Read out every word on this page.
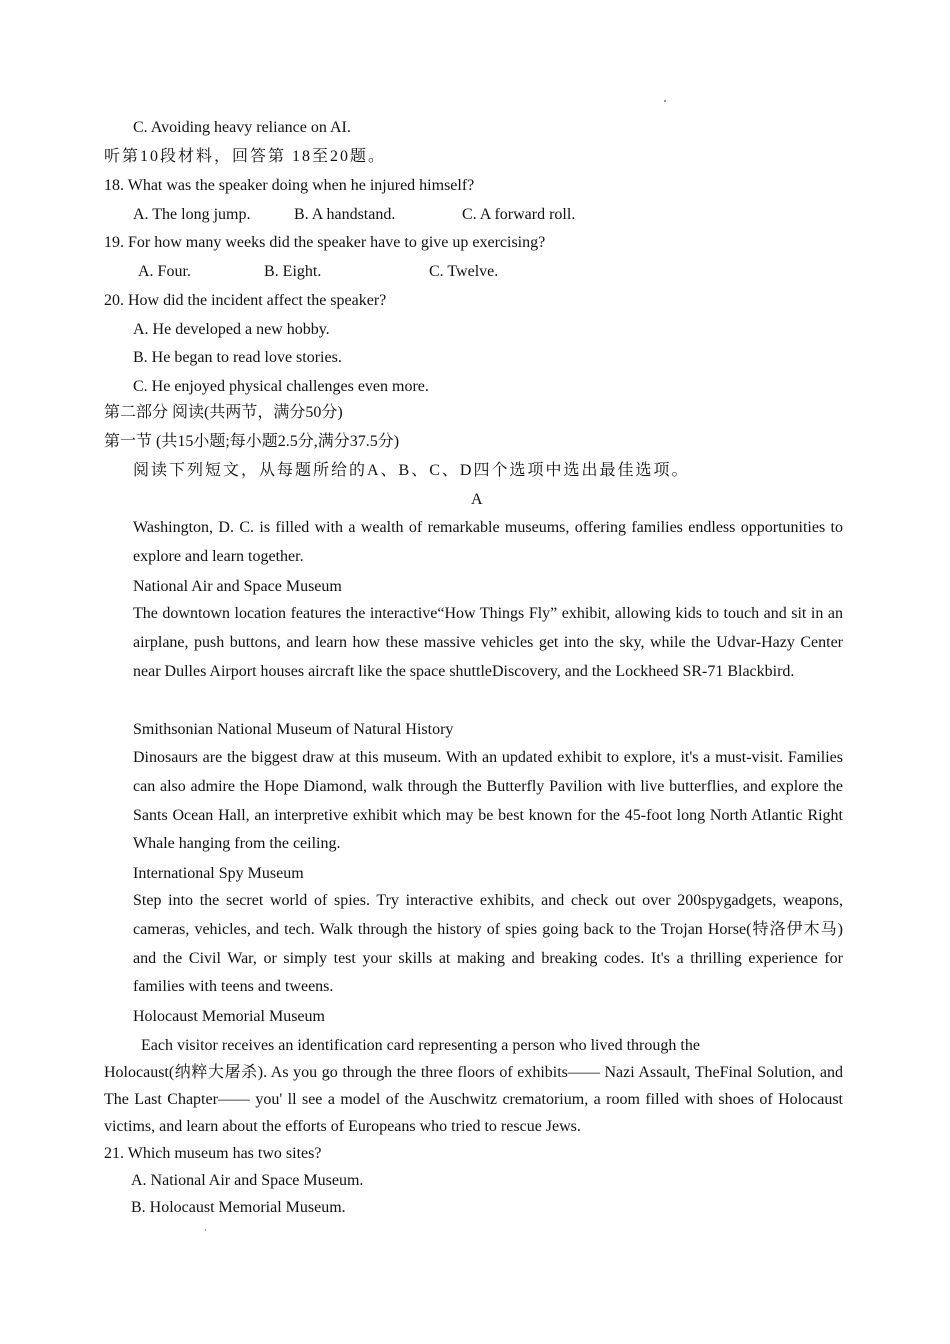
C. Avoiding heavy reliance on AI.
听第10段材料，回答第 18至20题。
18. What was the speaker doing when he injured himself?
A. The long jump.	B. A handstand.	C. A forward roll.
19. For how many weeks did the speaker have to give up exercising?
A. Four.	B. Eight.	C. Twelve.
20. How did the incident affect the speaker?
A. He developed a new hobby.
B. He began to read love stories.
C. He enjoyed physical challenges even more.
第二部分 阅读(共两节，满分50分)
第一节 (共15小题;每小题2.5分,满分37.5分)
阅读下列短文，从每题所给的A、B、C、D四个选项中选出最佳选项。
A
Washington, D. C. is filled with a wealth of remarkable museums, offering families endless opportunities to explore and learn together.
National Air and Space Museum
The downtown location features the interactive“How Things Fly” exhibit, allowing kids to touch and sit in an airplane, push buttons, and learn how these massive vehicles get into the sky, while the Udvar-Hazy Center near Dulles Airport houses aircraft like the space shuttleDiscovery, and the Lockheed SR-71 Blackbird.
Smithsonian National Museum of Natural History
Dinosaurs are the biggest draw at this museum. With an updated exhibit to explore, it's a must-visit. Families can also admire the Hope Diamond, walk through the Butterfly Pavilion with live butterflies, and explore the Sants Ocean Hall, an interpretive exhibit which may be best known for the 45-foot long North Atlantic Right Whale hanging from the ceiling.
International Spy Museum
Step into the secret world of spies. Try interactive exhibits, and check out over 200spygadgets, weapons, cameras, vehicles, and tech. Walk through the history of spies going back to the Trojan Horse(特洛伊木马) and the Civil War, or simply test your skills at making and breaking codes. It's a thrilling experience for families with teens and tweens.
Holocaust Memorial Museum
Each visitor receives an identification card representing a person who lived through the
Holocaust(纳粹大屠杀). As you go through the three floors of exhibits—— Nazi Assault, TheFinal Solution, and The Last Chapter—— you' ll see a model of the Auschwitz crematorium, a room filled with shoes of Holocaust victims, and learn about the efforts of Europeans who tried to rescue Jews.
21. Which museum has two sites?
A. National Air and Space Museum.
B. Holocaust Memorial Museum.
